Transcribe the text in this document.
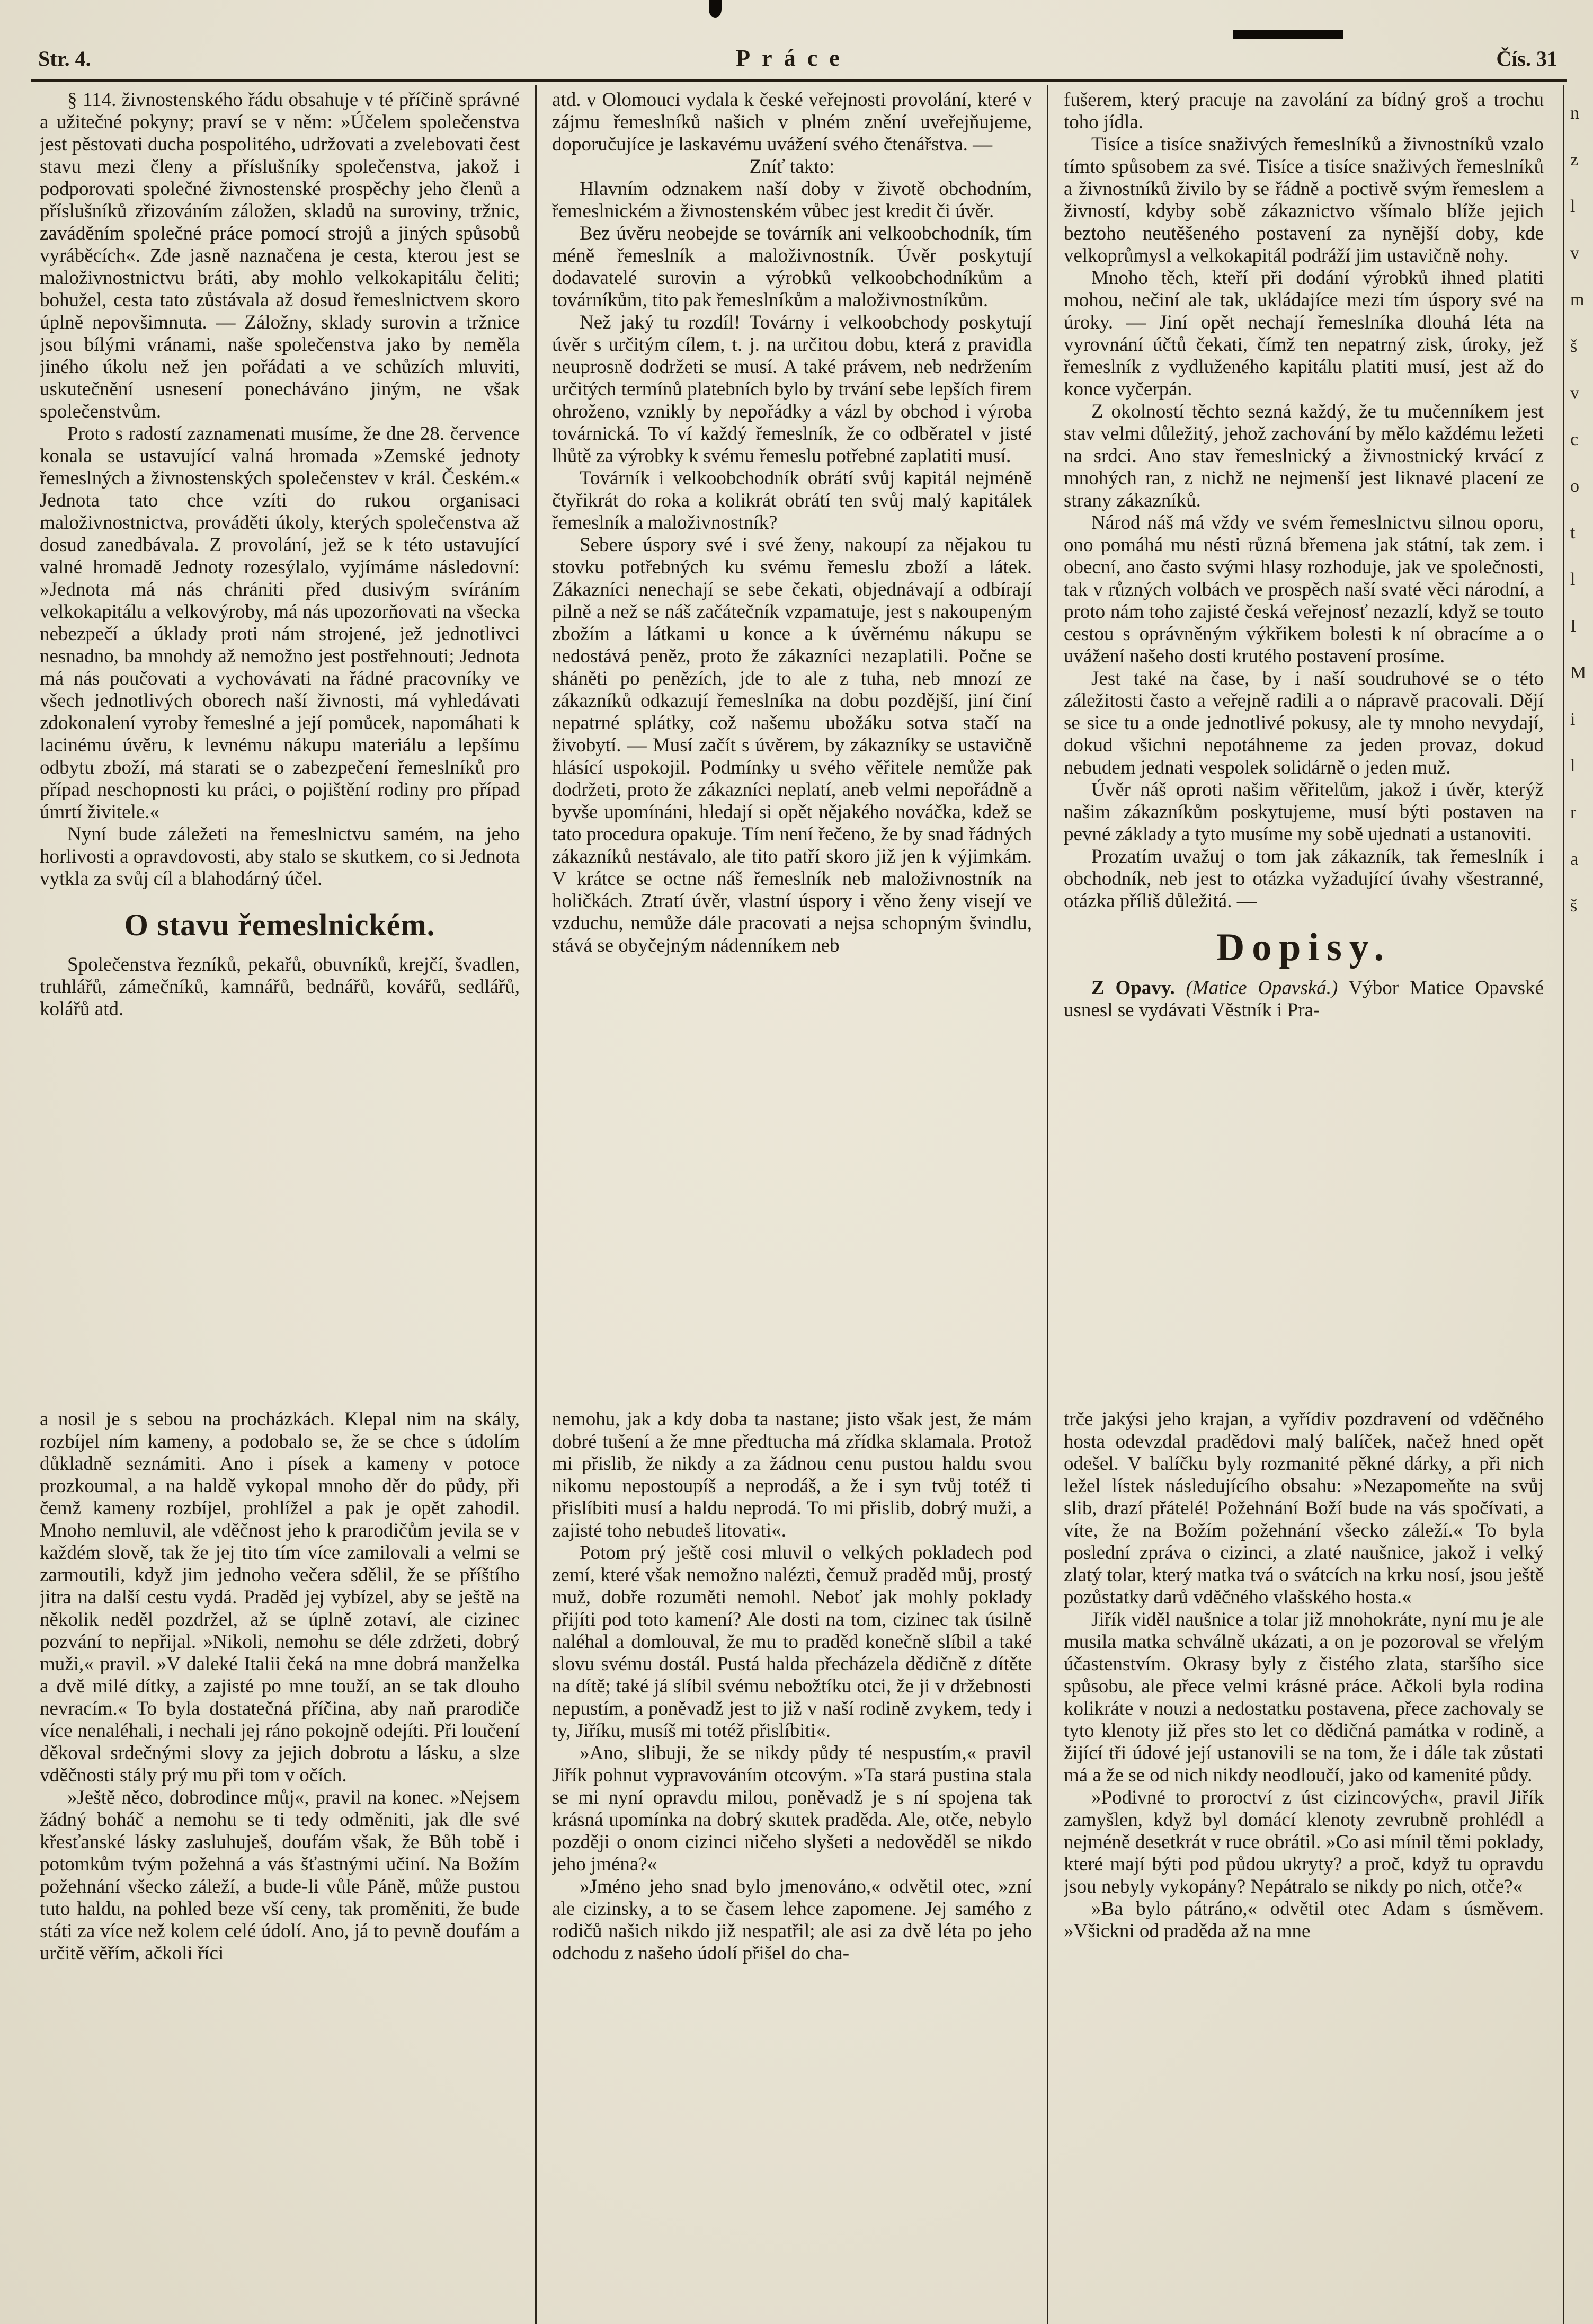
Str. 4.	Práce	Čís. 31
n
z
l
v
m
š
v
c
o
t
l
I
M
i
l
r
a
š

§ 114. živnostenského řádu obsahuje v té příčině správné a užitečné pokyny; praví se v něm: »Účelem společenstva jest pěstovati ducha pospolitého, udržovati a zvelebovati čest stavu mezi členy a příslušníky společenstva, jakož i podporovati společné živnostenské prospěchy jeho členů a příslušníků zřizováním záložen, skladů na suroviny, tržnic, zaváděním společné práce pomocí strojů a jiných spůsobů vyráběcích«. Zde jasně naznačena je cesta, kterou jest se maloživnostnictvu bráti, aby mohlo velkokapitálu čeliti; bohužel, cesta tato zůstávala až dosud řemeslnictvem skoro úplně nepovšimnuta. — Záložny, sklady surovin a tržnice jsou bílými vránami, naše společenstva jako by neměla jiného úkolu než jen pořádati a ve schůzích mluviti, uskutečnění usnesení ponecháváno jiným, ne však společenstvům.

Proto s radostí zaznamenati musíme, že dne 28. července konala se ustavující valná hromada »Zemské jednoty řemeslných a živnostenských společenstev v král. Českém.« Jednota tato chce vzíti do rukou organisaci maloživnostnictva, prováděti úkoly, kterých společenstva až dosud zanedbávala. Z provolání, jež se k této ustavující valné hromadě Jednoty rozesýlalo, vyjímáme následovní: »Jednota má nás chrániti před dusivým svíráním velkokapitálu a velkovýroby, má nás upozorňovati na všecka nebezpečí a úklady proti nám strojené, jež jednotlivci nesnadno, ba mnohdy až nemožno jest postřehnouti; Jednota má nás poučovati a vychovávati na řádné pracovníky ve všech jednotlivých oborech naší živnosti, má vyhledávati zdokonalení vyroby řemeslné a její pomůcek, napomáhati k lacinému úvěru, k levnému nákupu materiálu a lepšímu odbytu zboží, má starati se o zabezpečení řemeslníků pro případ neschopnosti ku práci, o pojištění rodiny pro případ úmrtí živitele.«

Nyní bude záležeti na řemeslnictvu samém, na jeho horlivosti a opravdovosti, aby stalo se skutkem, co si Jednota vytkla za svůj cíl a blahodárný účel.

O stavu řemeslnickém.

Společenstva řezníků, pekařů, obuvníků, krejčí, švadlen, truhlářů, zámečníků, kamnářů, bednářů, kovářů, sedlářů, kolářů atd.

atd. v Olomouci vydala k české veřejnosti provolání, které v zájmu řemeslníků našich v plném znění uveřejňujeme, doporučujíce je laskavému uvážení svého čtenářstva. —

Zníť takto:

Hlavním odznakem naší doby v životě obchodním, řemeslnickém a živnostenském vůbec jest kredit či úvěr.

Bez úvěru neobejde se továrník ani velkoobchodník, tím méně řemeslník a maloživnostník. Úvěr poskytují dodavatelé surovin a výrobků velkoobchodníkům a továrníkům, tito pak řemeslníkům a maloživnostníkům.

Než jaký tu rozdíl! Továrny i velkoobchody poskytují úvěr s určitým cílem, t. j. na určitou dobu, která z pravidla neuprosně dodržeti se musí. A také právem, neb nedržením určitých termínů platebních bylo by trvání sebe lepších firem ohroženo, vznikly by nepořádky a vázl by obchod i výroba továrnická. To ví každý řemeslník, že co odběratel v jisté lhůtě za výrobky k svému řemeslu potřebné zaplatiti musí.

Továrník i velkoobchodník obrátí svůj kapitál nejméně čtyřikrát do roka a kolikrát obrátí ten svůj malý kapitálek řemeslník a maloživnostník?

Sebere úspory své i své ženy, nakoupí za nějakou tu stovku potřebných ku svému řemeslu zboží a látek. Zákazníci nenechají se sebe čekati, objednávají a odbírají pilně a než se náš začátečník vzpamatuje, jest s nakoupeným zbožím a látkami u konce a k úvěrnému nákupu se nedostává peněz, proto že zákazníci nezaplatili. Počne se sháněti po penězích, jde to ale z tuha, neb mnozí ze zákazníků odkazují řemeslníka na dobu pozdější, jiní činí nepatrné splátky, což našemu ubožáku sotva stačí na živobytí. — Musí začít s úvěrem, by zákazníky se ustavičně hlásící uspokojil. Podmínky u svého věřitele nemůže pak dodržeti, proto že zákazníci neplatí, aneb velmi nepořádně a byvše upomínáni, hledají si opět nějakého nováčka, kdež se tato procedura opakuje. Tím není řečeno, že by snad řádných zákazníků nestávalo, ale tito patří skoro již jen k výjimkám. V krátce se octne náš řemeslník neb maloživnostník na holičkách. Ztratí úvěr, vlastní úspory i věno ženy visejí ve vzduchu, nemůže dále pracovati a nejsa schopným švindlu, stává se obyčejným nádenníkem neb

fušerem, který pracuje na zavolání za bídný groš a trochu toho jídla.

Tisíce a tisíce snaživých řemeslníků a živnostníků vzalo tímto spůsobem za své. Tisíce a tisíce snaživých řemeslníků a živnostníků živilo by se řádně a poctivě svým řemeslem a živností, kdyby sobě zákaznictvo všímalo blíže jejich beztoho neutěšeného postavení za nynější doby, kde velkoprůmysl a velkokapitál podráží jim ustavičně nohy.

Mnoho těch, kteří při dodání výrobků ihned platiti mohou, nečiní ale tak, ukládajíce mezi tím úspory své na úroky. — Jiní opět nechají řemeslníka dlouhá léta na vyrovnání účtů čekati, čímž ten nepatrný zisk, úroky, jež řemeslník z vydluženého kapitálu platiti musí, jest až do konce vyčerpán.

Z okolností těchto sezná každý, že tu mučenníkem jest stav velmi důležitý, jehož zachování by mělo každému ležeti na srdci. Ano stav řemeslnický a živnostnický krvácí z mnohých ran, z nichž ne nejmenší jest liknavé placení ze strany zákazníků.

Národ náš má vždy ve svém řemeslnictvu silnou oporu, ono pomáhá mu nésti různá břemena jak státní, tak zem. i obecní, ano často svými hlasy rozhoduje, jak ve společnosti, tak v různých volbách ve prospěch naší svaté věci národní, a proto nám toho zajisté česká veřejnosť nezazlí, když se touto cestou s oprávněným výkřikem bolesti k ní obracíme a o uvážení našeho dosti krutého postavení prosíme.

Jest také na čase, by i naší soudruhové se o této záležitosti často a veřejně radili a o nápravě pracovali. Dějí se sice tu a onde jednotlivé pokusy, ale ty mnoho nevydají, dokud všichni nepotáhneme za jeden provaz, dokud nebudem jednati vespolek solidárně o jeden muž.

Úvěr náš oproti našim věřitelům, jakož i úvěr, kterýž našim zákazníkům poskytujeme, musí býti postaven na pevné základy a tyto musíme my sobě ujednati a ustanoviti.

Prozatím uvažuj o tom jak zákazník, tak řemeslník i obchodník, neb jest to otázka vyžadující úvahy všestranné, otázka příliš důležitá. —

Dopisy.

Z Opavy. (Matice Opavská.) Výbor Matice Opavské usnesl se vydávati Věstník i Pra-

a nosil je s sebou na procházkách. Klepal nim na skály, rozbíjel ním kameny, a podobalo se, že se chce s údolím důkladně seznámiti. Ano i písek a kameny v potoce prozkoumal, a na haldě vykopal mnoho děr do půdy, při čemž kameny rozbíjel, prohlížel a pak je opět zahodil. Mnoho nemluvil, ale vděčnost jeho k prarodičům jevila se v každém slově, tak že jej tito tím více zamilovali a velmi se zarmoutili, když jim jednoho večera sdělil, že se příštího jitra na další cestu vydá. Praděd jej vybízel, aby se ještě na několik neděl pozdržel, až se úplně zotaví, ale cizinec pozvání to nepřijal. »Nikoli, nemohu se déle zdržeti, dobrý muži,« pravil. »V daleké Italii čeká na mne dobrá manželka a dvě milé dítky, a zajisté po mne touží, an se tak dlouho nevracím.« To byla dostatečná příčina, aby naň prarodiče více nenaléhali, i nechali jej ráno pokojně odejíti. Při loučení děkoval srdečnými slovy za jejich dobrotu a lásku, a slze vděčnosti stály prý mu při tom v očích.

»Ještě něco, dobrodince můj«, pravil na konec. »Nejsem žádný boháč a nemohu se ti tedy odměniti, jak dle své křesťanské lásky zasluhuješ, doufám však, že Bůh tobě i potomkům tvým požehná a vás šťastnými učiní. Na Božím požehnání všecko záleží, a bude-li vůle Páně, může pustou tuto haldu, na pohled beze vší ceny, tak proměniti, že bude státi za více než kolem celé údolí. Ano, já to pevně doufám a určitě věřím, ačkoli říci

nemohu, jak a kdy doba ta nastane; jisto však jest, že mám dobré tušení a že mne předtucha má zřídka sklamala. Protož mi přislib, že nikdy a za žádnou cenu pustou haldu svou nikomu nepostoupíš a neprodáš, a že i syn tvůj totéž ti přislíbiti musí a haldu neprodá. To mi přislib, dobrý muži, a zajisté toho nebudeš litovati«.

Potom prý ještě cosi mluvil o velkých pokladech pod zemí, které však nemožno nalézti, čemuž praděd můj, prostý muž, dobře rozuměti nemohl. Neboť jak mohly poklady přijíti pod toto kamení? Ale dosti na tom, cizinec tak úsilně naléhal a domlouval, že mu to praděd konečně slíbil a také slovu svému dostál. Pustá halda přecházela dědičně z dítěte na dítě; také já slíbil svému nebožtíku otci, že ji v držebnosti nepustím, a poněvadž jest to již v naší rodině zvykem, tedy i ty, Jiříku, musíš mi totéž přislíbiti«.

»Ano, slibuji, že se nikdy půdy té nespustím,« pravil Jiřík pohnut vypravováním otcovým. »Ta stará pustina stala se mi nyní opravdu milou, poněvadž je s ní spojena tak krásná upomínka na dobrý skutek praděda. Ale, otče, nebylo později o onom cizinci ničeho slyšeti a nedověděl se nikdo jeho jména?«

»Jméno jeho snad bylo jmenováno,« odvětil otec, »zní ale cizinsky, a to se časem lehce zapomene. Jej samého z rodičů našich nikdo již nespatřil; ale asi za dvě léta po jeho odchodu z našeho údolí přišel do cha-

trče jakýsi jeho krajan, a vyřídiv pozdravení od vděčného hosta odevzdal pradědovi malý balíček, načež hned opět odešel. V balíčku byly rozmanité pěkné dárky, a při nich ležel lístek následujícího obsahu: »Nezapomeňte na svůj slib, drazí přátelé! Požehnání Boží bude na vás spočívati, a víte, že na Božím požehnání všecko záleží.« To byla poslední zpráva o cizinci, a zlaté naušnice, jakož i velký zlatý tolar, který matka tvá o svátcích na krku nosí, jsou ještě pozůstatky darů vděčného vlašského hosta.«

Jiřík viděl naušnice a tolar již mnohokráte, nyní mu je ale musila matka schválně ukázati, a on je pozoroval se vřelým účastenstvím. Okrasy byly z čistého zlata, staršího sice spůsobu, ale přece velmi krásné práce. Ačkoli byla rodina kolikráte v nouzi a nedostatku postavena, přece zachovaly se tyto klenoty již přes sto let co dědičná památka v rodině, a žijící tři údové její ustanovili se na tom, že i dále tak zůstati má a že se od nich nikdy neodloučí, jako od kamenité půdy.

»Podivné to proroctví z úst cizincových«, pravil Jiřík zamyšlen, když byl domácí klenoty zevrubně prohlédl a nejméně desetkrát v ruce obrátil. »Co asi mínil těmi poklady, které mají býti pod půdou ukryty? a proč, když tu opravdu jsou nebyly vykopány? Nepátralo se nikdy po nich, otče?«

»Ba bylo pátráno,« odvětil otec Adam s úsměvem. »Všickni od praděda až na mne
